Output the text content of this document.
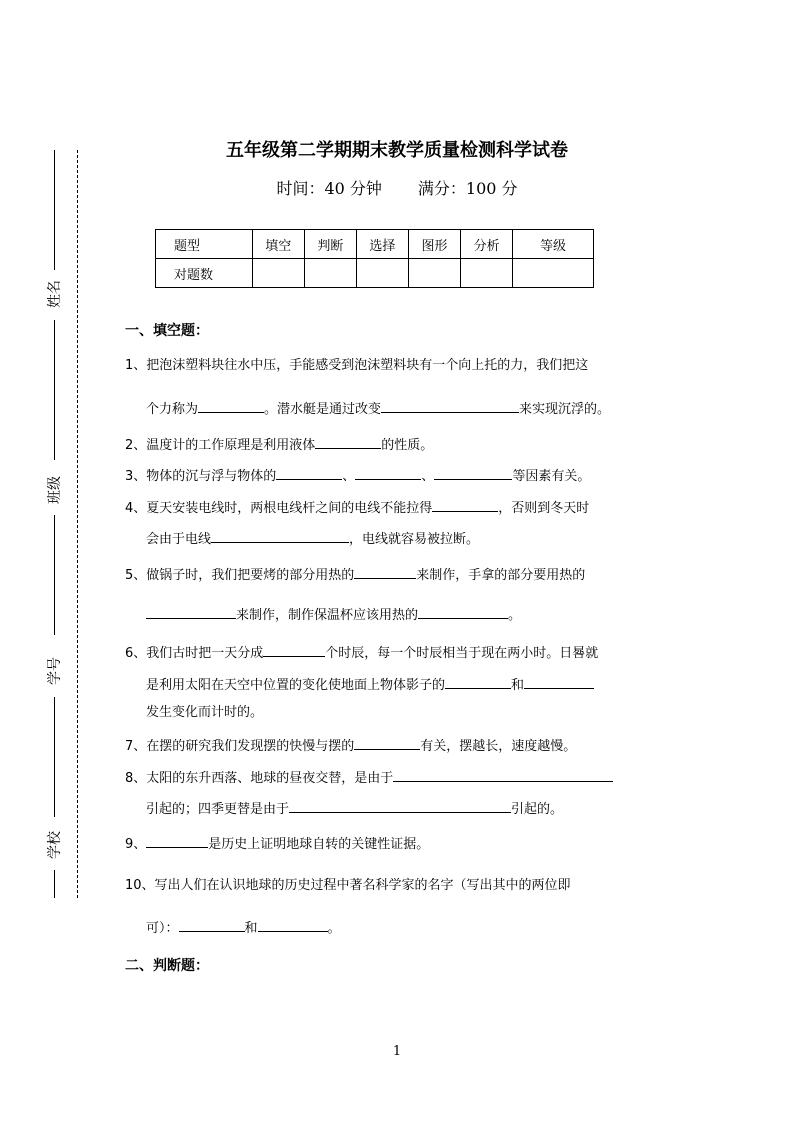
姓名
班级
学号
学校
五年级第二学期期末教学质量检测科学试卷
时间：40 分钟 满分：100 分
题型	填空	判断	选择	图形	分析	等级
对题数						
一、填空题：
1、把泡沫塑料块往水中压，手能感受到泡沫塑料块有一个向上托的力，我们把这
个力称为	。潜水艇是通过改变	来实现沉浮的。
2、温度计的工作原理是利用液体	的性质。
3、物体的沉与浮与物体的	、	、	等因素有关。
4、夏天安装电线时，两根电线杆之间的电线不能拉得	，否则到冬天时
会由于电线	，电线就容易被拉断。
5、做锅子时，我们把要烤的部分用热的	来制作，手拿的部分要用热的
来制作，制作保温杯应该用热的	。
6、我们古时把一天分成	个时辰，每一个时辰相当于现在两小时。日晷就
是利用太阳在天空中位置的变化使地面上物体影子的	和
发生变化而计时的。
7、在摆的研究我们发现摆的快慢与摆的	有关，摆越长，速度越慢。
8、太阳的东升西落、地球的昼夜交替，是由于
引起的；四季更替是由于	引起的。
9、	是历史上证明地球自转的关键性证据。
10、写出人们在认识地球的历史过程中著名科学家的名字（写出其中的两位即
可）：	和	。
二、判断题：
1
